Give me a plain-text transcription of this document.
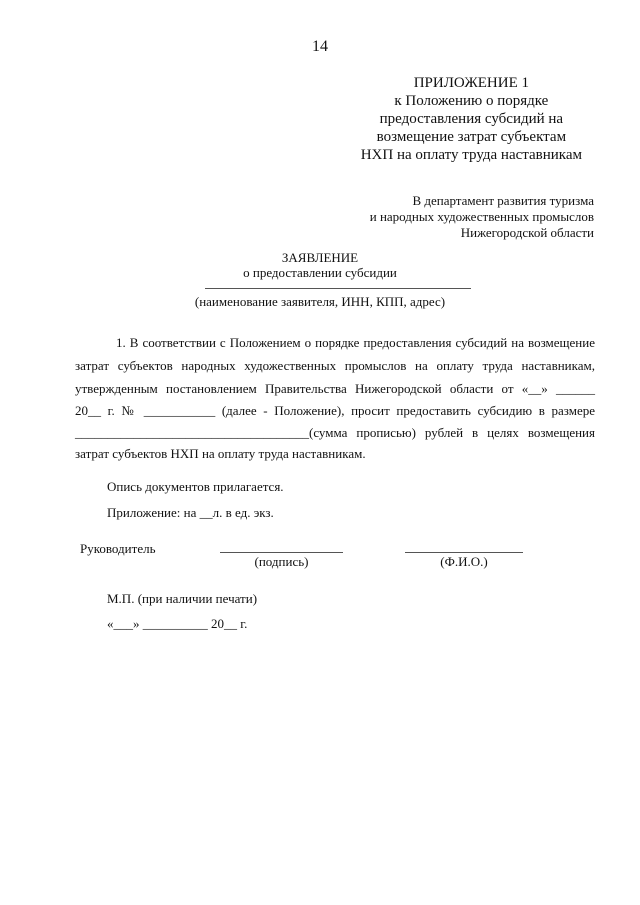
14
ПРИЛОЖЕНИЕ 1
к Положению о порядке
предоставления субсидий на
возмещение затрат субъектам
НХП на оплату труда наставникам
В департамент развития туризма
и народных художественных промыслов
Нижегородской области
ЗАЯВЛЕНИЕ
о предоставлении субсидии
(наименование заявителя, ИНН, КПП, адрес)
1. В соответствии с Положением о порядке предоставления субсидий на возмещение
затрат субъектов народных художественных промыслов на оплату труда наставникам,
утвержденным постановлением Правительства Нижегородской области от «__» ______
20__ г. № ___________ (далее - Положение), просит предоставить субсидию в размере
____________________________________(сумма прописью) рублей в целях возмещения
затрат субъектов НХП на оплату труда наставникам.
Опись документов прилагается.
Приложение: на __л. в ед. экз.
Руководитель
(подпись)	(Ф.И.О.)
М.П. (при наличии печати)
«___» __________ 20__ г.
